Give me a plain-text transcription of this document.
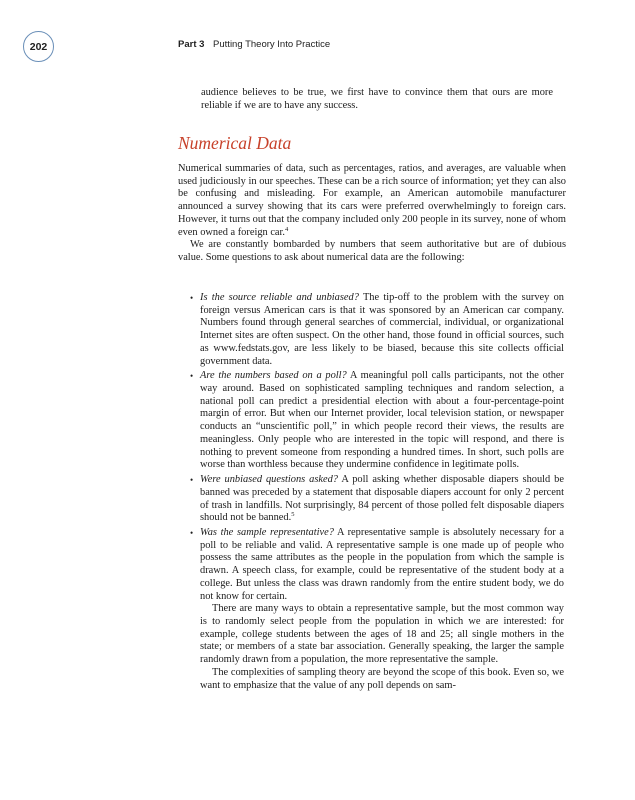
202	Part 3 Putting Theory Into Practice

audience believes to be true, we first have to convince them that ours are more reliable if we are to have any success.

Numerical Data

Numerical summaries of data, such as percentages, ratios, and averages, are valuable when used judiciously in our speeches. These can be a rich source of information; yet they can also be confusing and misleading. For example, an American automobile manufacturer announced a survey showing that its cars were preferred overwhelmingly to foreign cars. However, it turns out that the company included only 200 people in its survey, none of whom even owned a foreign car.$^4$

We are constantly bombarded by numbers that seem authoritative but are of dubious value. Some questions to ask about numerical data are the following:

• Is the source reliable and unbiased? The tip-off to the problem with the survey on foreign versus American cars is that it was sponsored by an American car company. Numbers found through general searches of commercial, individual, or organizational Internet sites are often suspect. On the other hand, those found in official sources, such as www.fedstats.gov, are less likely to be biased, because this site collects official government data.

• Are the numbers based on a poll? A meaningful poll calls participants, not the other way around. Based on sophisticated sampling techniques and random selection, a national poll can predict a presidential election with about a four-percentage-point margin of error. But when our Internet provider, local television station, or newspaper conducts an “unscientific poll,” in which people record their views, the results are meaningless. Only people who are interested in the topic will respond, and there is nothing to prevent someone from responding a hundred times. In short, such polls are worse than worthless because they undermine confidence in legitimate polls.

• Were unbiased questions asked? A poll asking whether disposable diapers should be banned was preceded by a statement that disposable diapers account for only 2 percent of trash in landfills. Not surprisingly, 84 percent of those polled felt disposable diapers should not be banned.$^5$

• Was the sample representative? A representative sample is absolutely necessary for a poll to be reliable and valid. A representative sample is one made up of people who possess the same attributes as the people in the population from which the sample is drawn. A speech class, for example, could be representative of the student body at a college. But unless the class was drawn randomly from the entire student body, we do not know for certain.

There are many ways to obtain a representative sample, but the most common way is to randomly select people from the population in which we are interested: for example, college students between the ages of 18 and 25; all single mothers in the state; or members of a state bar association. Generally speaking, the larger the sample randomly drawn from a population, the more representative the sample.

The complexities of sampling theory are beyond the scope of this book. Even so, we want to emphasize that the value of any poll depends on sam-
